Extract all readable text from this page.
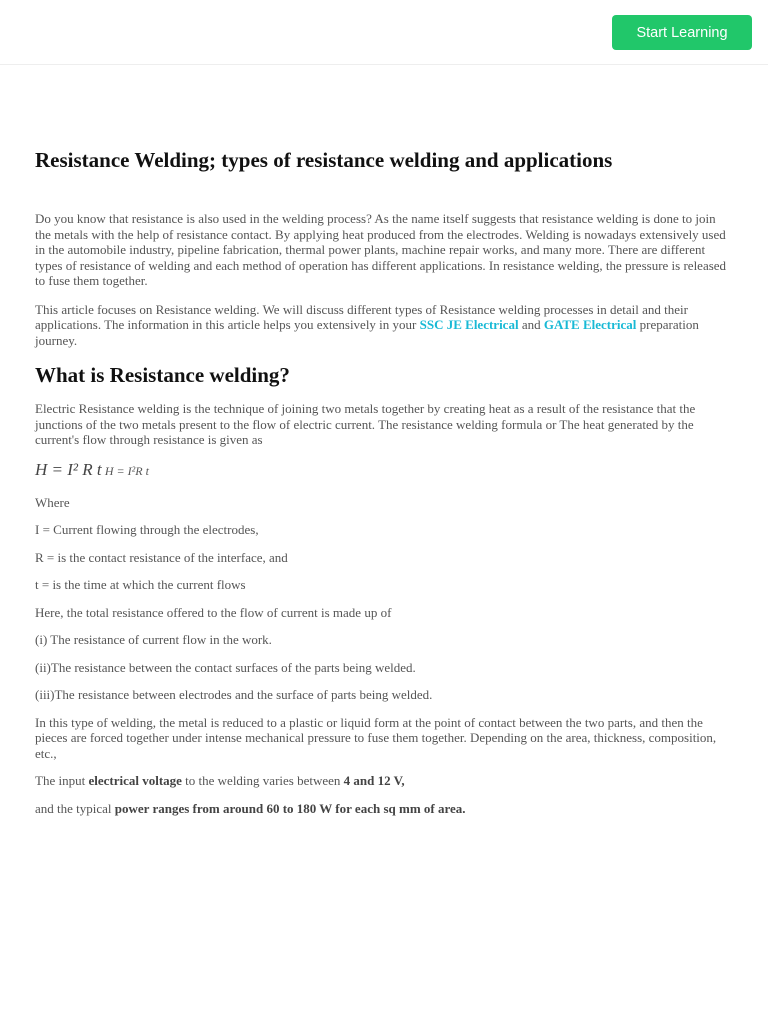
Start Learning
Resistance Welding; types of resistance welding and applications

Do you know that resistance is also used in the welding process? As the name itself suggests that resistance welding is done to join the metals with the help of resistance contact. By applying heat produced from the electrodes. Welding is nowadays extensively used in the automobile industry, pipeline fabrication, thermal power plants, machine repair works, and many more. There are different types of resistance of welding and each method of operation has different applications. In resistance welding, the pressure is released to fuse them together.

This article focuses on Resistance welding. We will discuss different types of Resistance welding processes in detail and their applications. The information in this article helps you extensively in your SSC JE Electrical and GATE Electrical preparation journey.

What is Resistance welding?

Electric Resistance welding is the technique of joining two metals together by creating heat as a result of the resistance that the junctions of the two metals present to the flow of electric current. The resistance welding formula or The heat generated by the current's flow through resistance is given as

H = I² R t H = I²R t

Where

I = Current flowing through the electrodes,

R = is the contact resistance of the interface, and

t = is the time at which the current flows

Here, the total resistance offered to the flow of current is made up of

(i) The resistance of current flow in the work.

(ii)The resistance between the contact surfaces of the parts being welded.

(iii)The resistance between electrodes and the surface of parts being welded.

In this type of welding, the metal is reduced to a plastic or liquid form at the point of contact between the two parts, and then the pieces are forced together under intense mechanical pressure to fuse them together. Depending on the area, thickness, composition, etc.,

The input electrical voltage to the welding varies between 4 and 12 V,

and the typical power ranges from around 60 to 180 W for each sq mm of area.
